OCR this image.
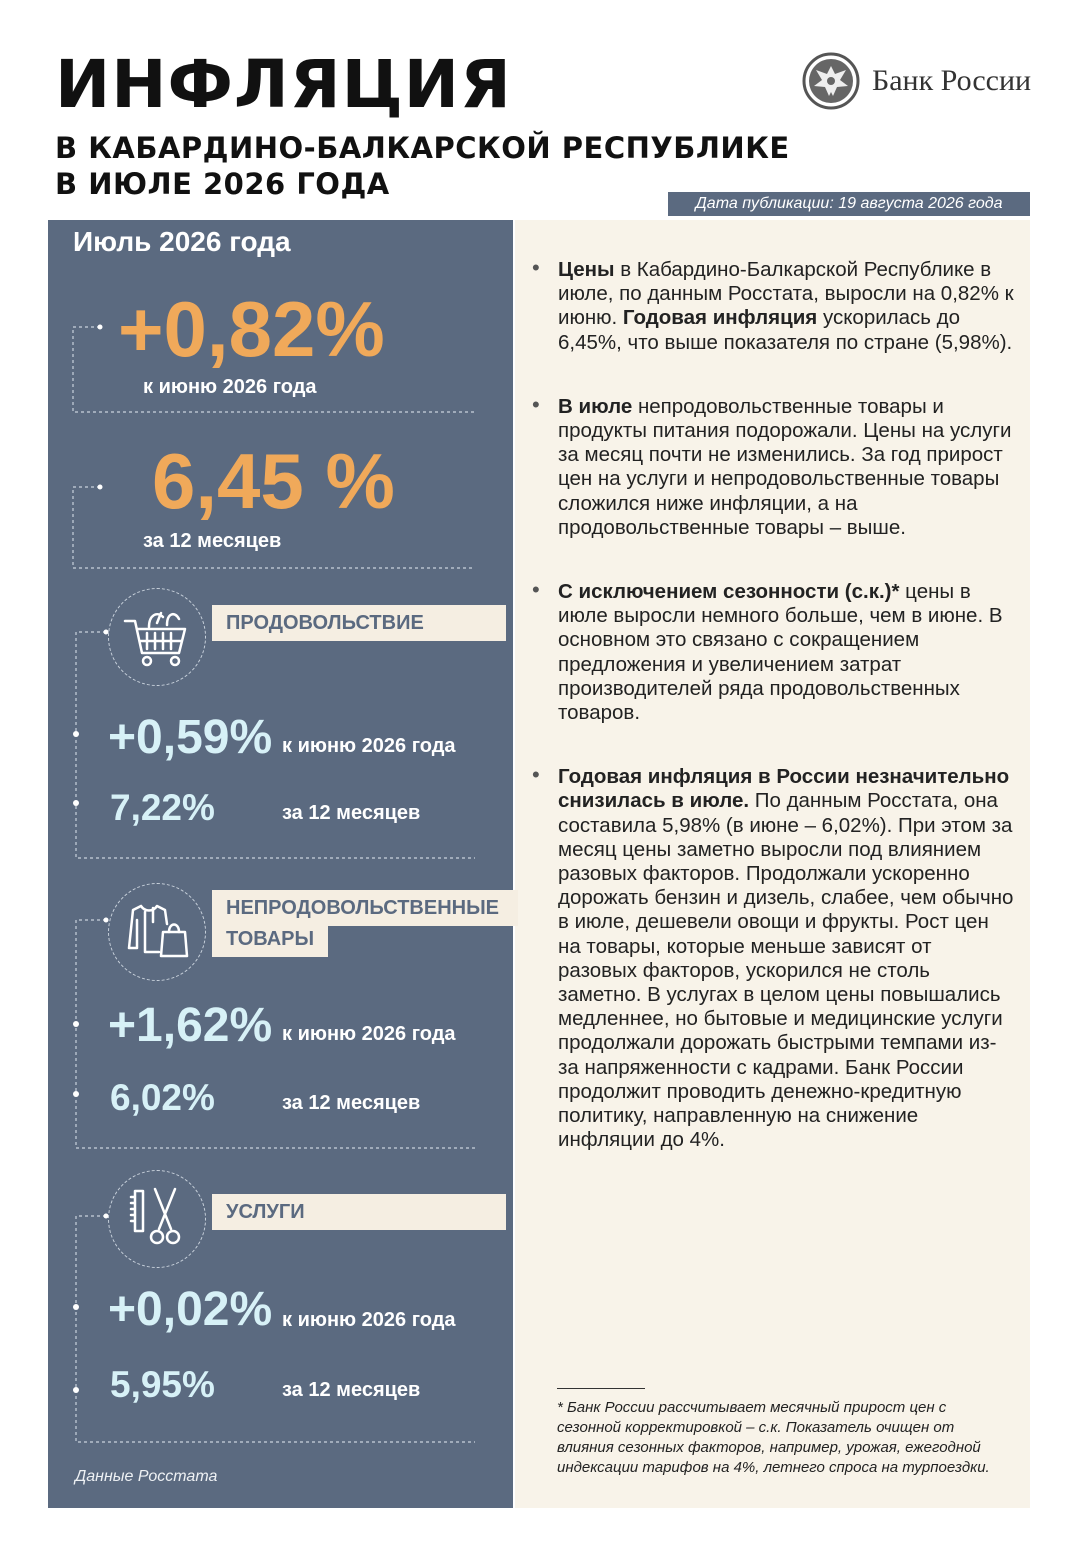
ИНФЛЯЦИЯ
В КАБАРДИНО-БАЛКАРСКОЙ РЕСПУБЛИКЕ
В ИЮЛЕ 2026 ГОДА
Банк России
Дата публикации: 19 августа 2026 года
Июль 2026 года
+0,82%
к июню 2026 года
6,45 %
за 12 месяцев
ПРОДОВОЛЬСТВИЕ
+0,59% к июню 2026 года
7,22%	за 12 месяцев
НЕПРОДОВОЛЬСТВЕННЫЕ
ТОВАРЫ
+1,62% к июню 2026 года
6,02%	за 12 месяцев
УСЛУГИ
+0,02% к июню 2026 года
5,95%	за 12 месяцев
Данные Росстата
• Цены в Кабардино-Балкарской Республике в июле, по данным Росстата, выросли на 0,82% к июню. Годовая инфляция ускорилась до 6,45%, что выше показателя по стране (5,98%).
• В июле непродовольственные товары и продукты питания подорожали. Цены на услуги за месяц почти не изменились. За год прирост цен на услуги и непродовольственные товары сложился ниже инфляции, а на продовольственные товары – выше.
• С исключением сезонности (с.к.)* цены в июле выросли немного больше, чем в июне. В основном это связано с сокращением предложения и увеличением затрат производителей ряда продовольственных товаров.
• Годовая инфляция в России незначительно снизилась в июле. По данным Росстата, она составила 5,98% (в июне – 6,02%). При этом за месяц цены заметно выросли под влиянием разовых факторов. Продолжали ускоренно дорожать бензин и дизель, слабее, чем обычно в июле, дешевели овощи и фрукты. Рост цен на товары, которые меньше зависят от разовых факторов, ускорился не столь заметно. В услугах в целом цены повышались медленнее, но бытовые и медицинские услуги продолжали дорожать быстрыми темпами из-за напряженности с кадрами. Банк России продолжит проводить денежно-кредитную политику, направленную на снижение инфляции до 4%.
* Банк России рассчитывает месячный прирост цен с сезонной корректировкой – с.к. Показатель очищен от влияния сезонных факторов, например, урожая, ежегодной индексации тарифов на 4%, летнего спроса на турпоездки.
